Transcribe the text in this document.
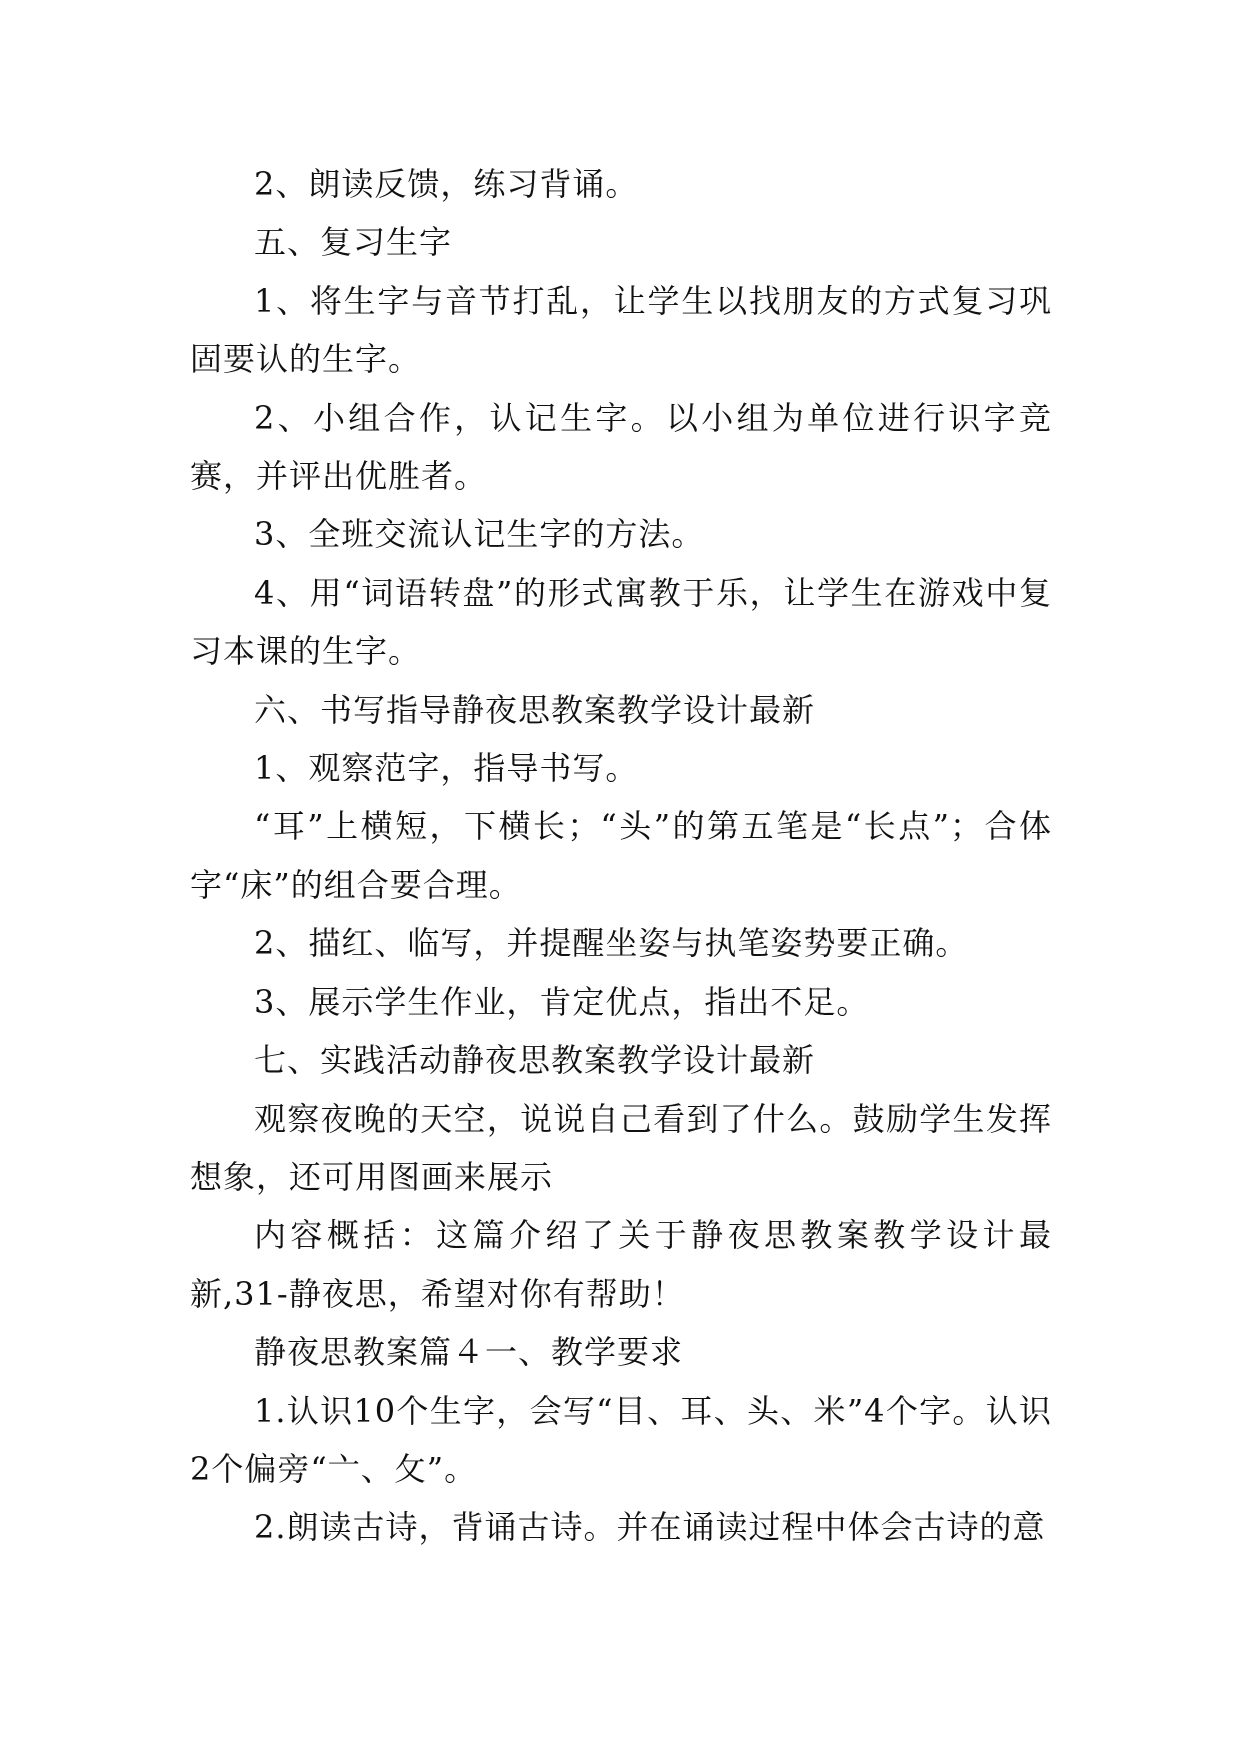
2、朗读反馈，练习背诵。

五、复习生字

1、将生字与音节打乱，让学生以找朋友的方式复习巩固要认的生字。

2、小组合作，认记生字。以小组为单位进行识字竞赛，并评出优胜者。

3、全班交流认记生字的方法。

4、用“词语转盘”的形式寓教于乐，让学生在游戏中复习本课的生字。

六、书写指导静夜思教案教学设计最新

1、观察范字，指导书写。

“耳”上横短，下横长；“头”的第五笔是“长点”；合体字“床”的组合要合理。

2、描红、临写，并提醒坐姿与执笔姿势要正确。

3、展示学生作业，肯定优点，指出不足。

七、实践活动静夜思教案教学设计最新

观察夜晚的天空，说说自己看到了什么。鼓励学生发挥想象，还可用图画来展示

内容概括：这篇介绍了关于静夜思教案教学设计最新,31-静夜思，希望对你有帮助！

静夜思教案篇４一、教学要求

1.认识10个生字，会写“目、耳、头、米”4个字。认识2个偏旁“亠、攵”。

2.朗读古诗，背诵古诗。并在诵读过程中体会古诗的意
